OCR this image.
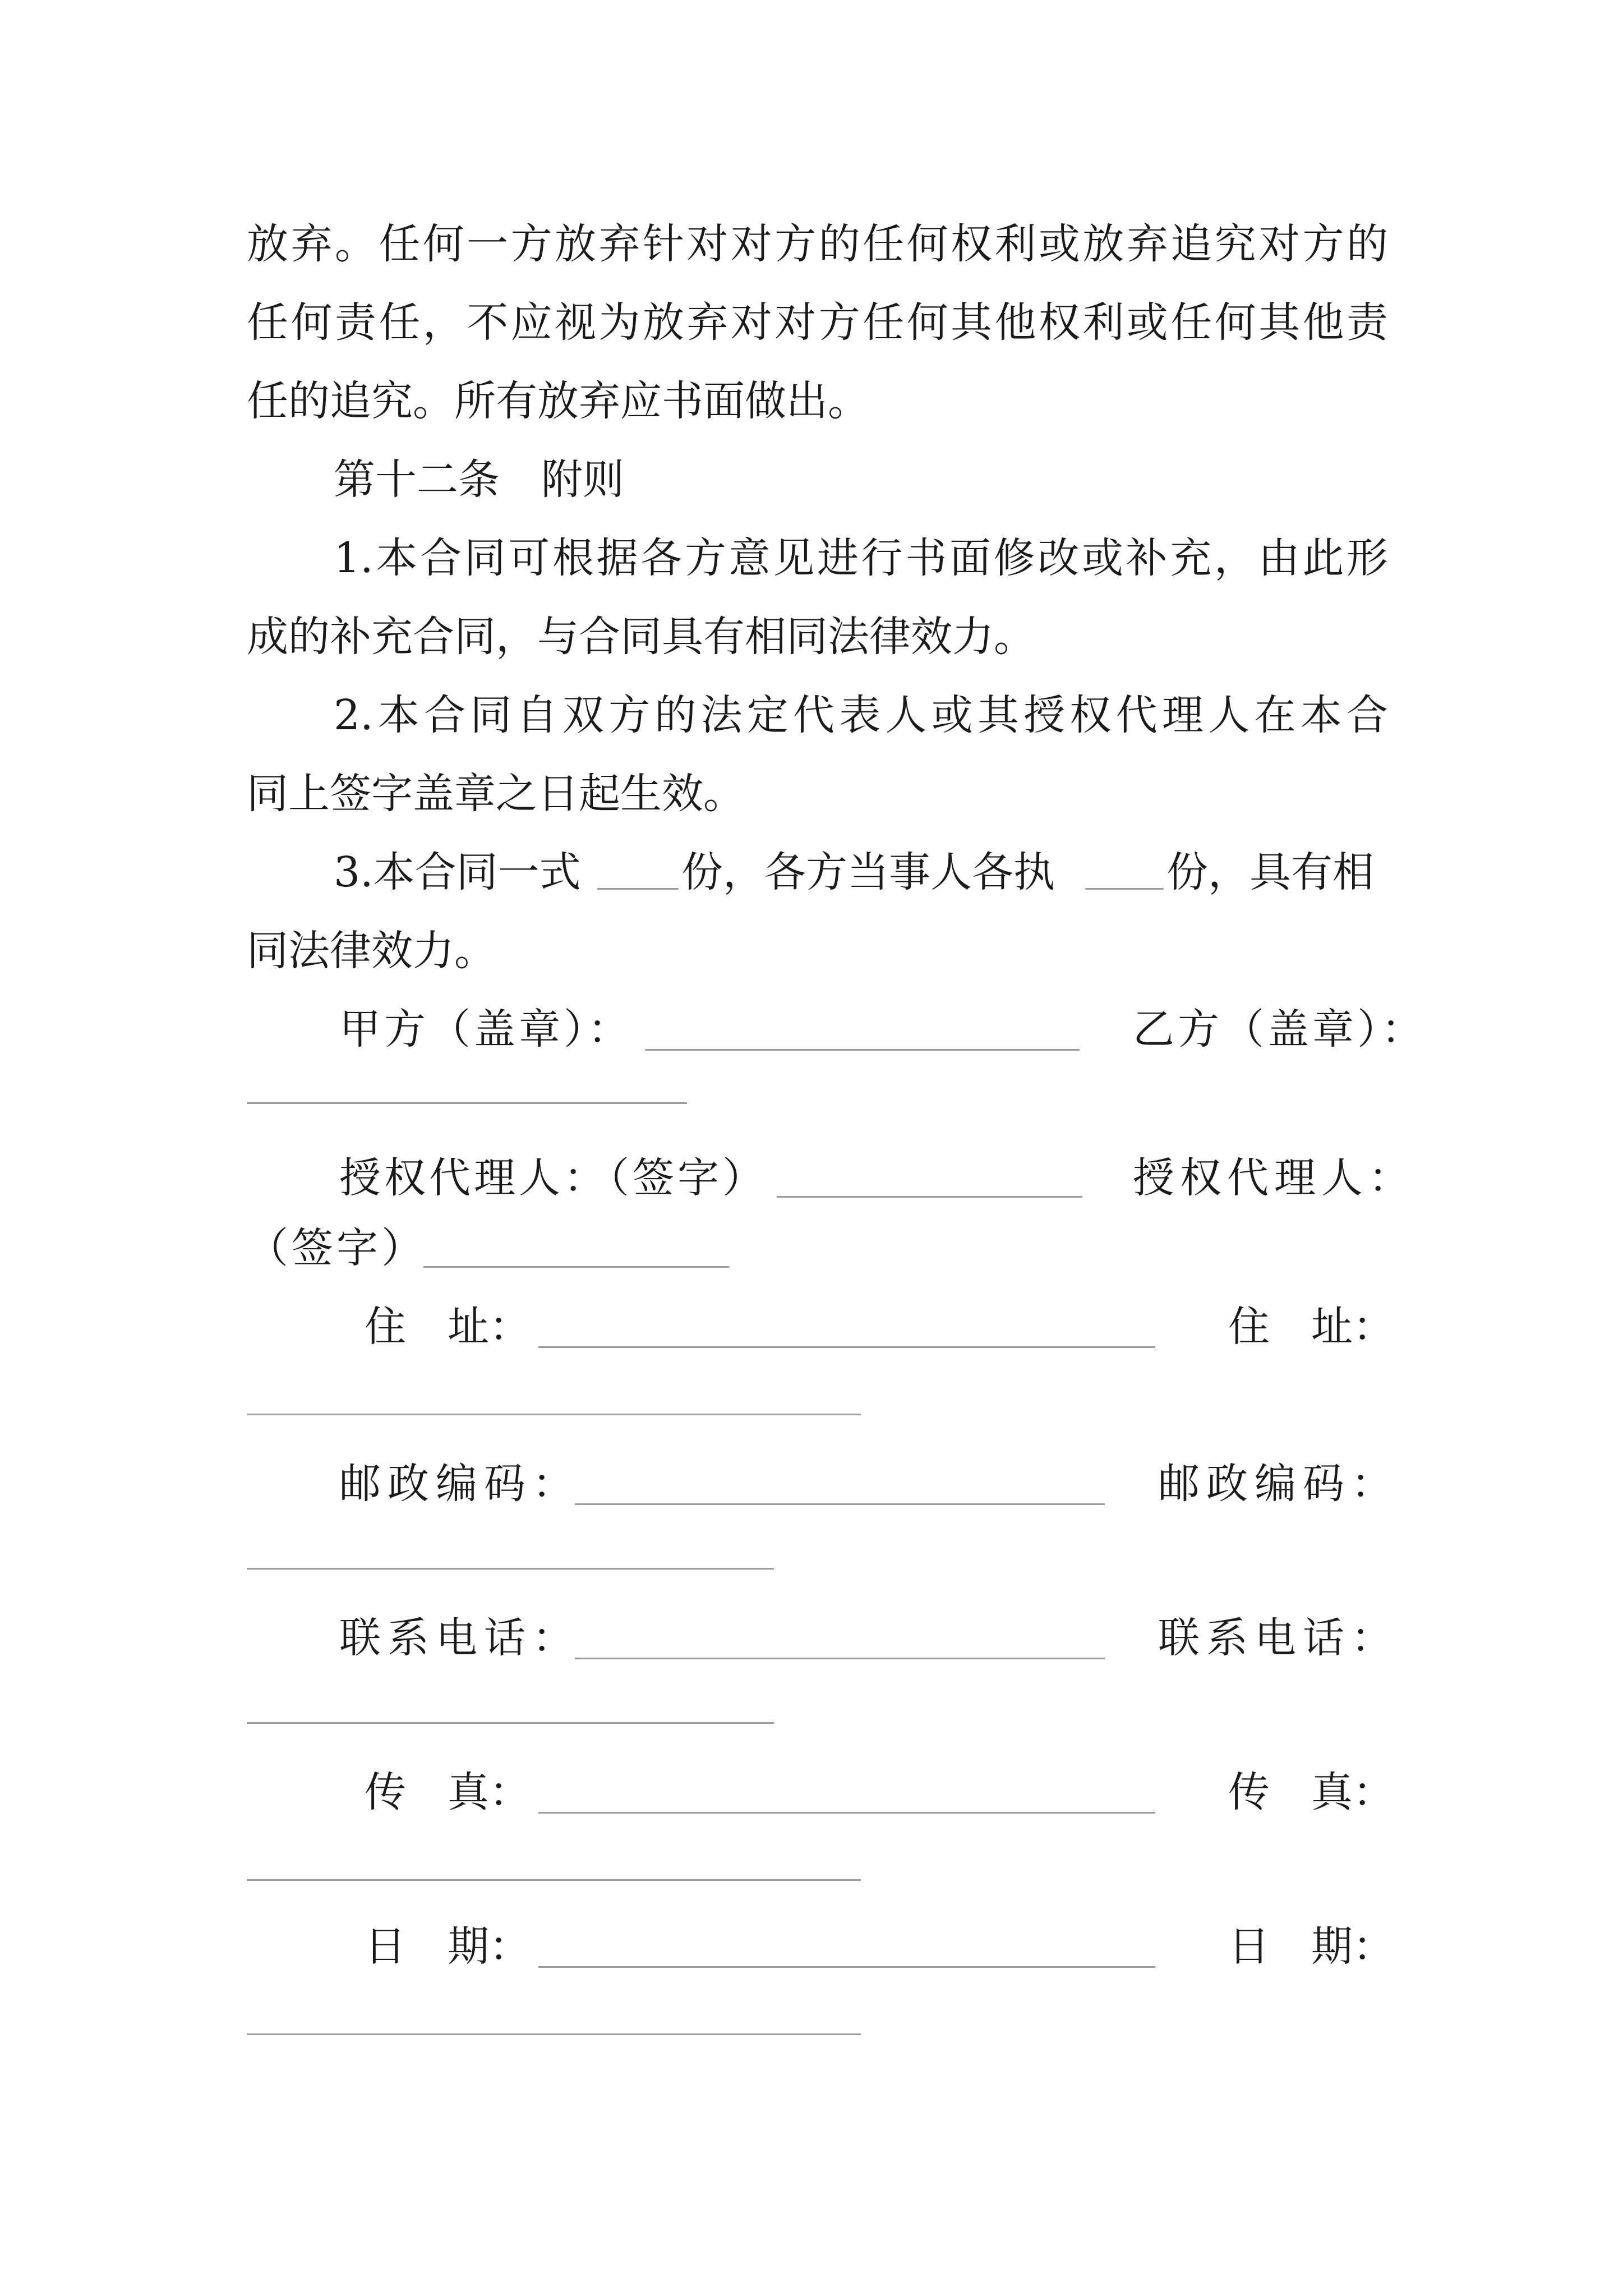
放弃。任何一方放弃针对对方的任何权利或放弃追究对方的
任何责任，不应视为放弃对对方任何其他权利或任何其他责
任的追究。所有放弃应书面做出。
第十二条　附则
1.本合同可根据各方意见进行书面修改或补充，由此形
成的补充合同，与合同具有相同法律效力。
2.本合同自双方的法定代表人或其授权代理人在本合
同上签字盖章之日起生效。
3.本合同一式 份，各方当事人各执	份，具有相
同法律效力。
甲方（盖章）：	乙方（盖章）：
授权代理人：（签字）	授权代理人：
（签字）
住　址：	住　址：
邮政编码：	邮政编码：
联系电话：	联系电话：
传　真：	传　真：
日　期：	日　期：
